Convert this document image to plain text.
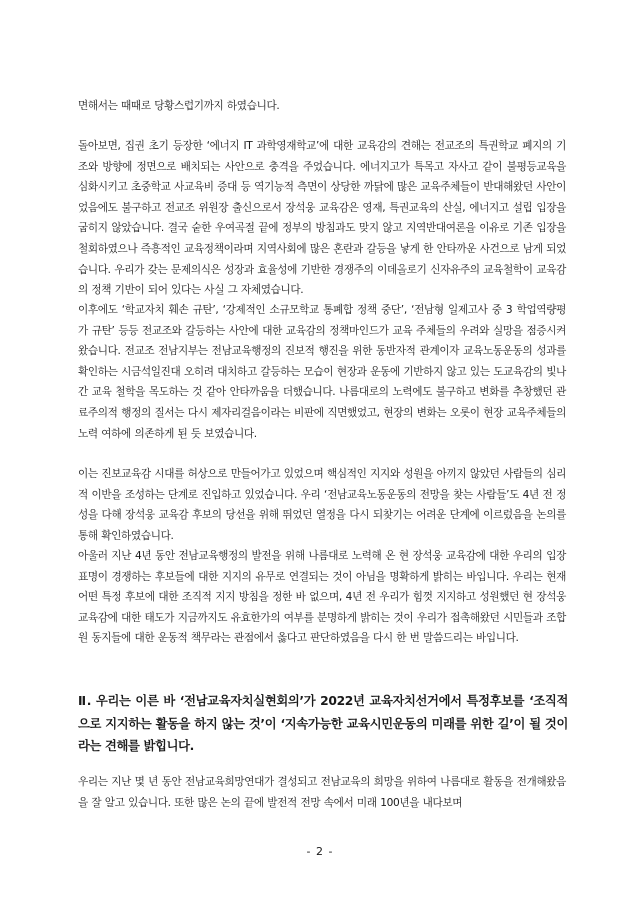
면해서는 때때로 당황스럽기까지 하였습니다.

돌아보면, 집권 초기 등장한 ‘에너지 IT 과학영재학교’에 대한 교육감의 견해는 전교조의 특권학교 폐지의 기조와 방향에 정면으로 배치되는 사안으로 충격을 주었습니다. 에너지고가 특목고 자사고 같이 불평등교육을 심화시키고 초중학교 사교육비 증대 등 역기능적 측면이 상당한 까닭에 많은 교육주체들이 반대해왔던 사안이었음에도 불구하고 전교조 위원장 출신으로서 장석웅 교육감은 영재, 특권교육의 산실, 에너지고 설립 입장을 굽히지 않았습니다. 결국 숱한 우여곡절 끝에 정부의 방침과도 맞지 않고 지역반대여론을 이유로 기존 입장을 철회하였으나 즉흥적인 교육정책이라며 지역사회에 많은 혼란과 갈등을 낳게 한 안타까운 사건으로 남게 되었습니다. 우리가 갖는 문제의식은 성장과 효율성에 기반한 경쟁주의 이데올로기 신자유주의 교육철학이 교육감의 정책 기반이 되어 있다는 사실 그 자체였습니다.

이후에도 ‘학교자치 훼손 규탄’, ‘강제적인 소규모학교 통폐합 정책 중단’, ‘전남형 일제고사 중 3 학업역량평가 규탄’ 등등 전교조와 갈등하는 사안에 대한 교육감의 정책마인드가 교육 주체들의 우려와 실망을 점증시켜왔습니다. 전교조 전남지부는 전남교육행정의 진보적 행진을 위한 동반자적 관계이자 교육노동운동의 성과를 확인하는 시금석일진대 오히려 대치하고 갈등하는 모습이 현장과 운동에 기반하지 않고 있는 도교육감의 빛나간 교육 철학을 목도하는 것 같아 안타까움을 더했습니다. 나름대로의 노력에도 불구하고 변화를 추창했던 관료주의적 행정의 질서는 다시 제자리걸음이라는 비판에 직면했었고, 현장의 변화는 오롯이 현장 교육주체들의 노력 여하에 의존하게 된 듯 보였습니다.

이는 진보교육감 시대를 허상으로 만들어가고 있었으며 핵심적인 지지와 성원을 아끼지 않았던 사람들의 심리적 이반을 조성하는 단계로 진입하고 있었습니다. 우리 ‘전남교육노동운동의 전망을 찾는 사람들’도 4년 전 정성을 다해 장석웅 교육감 후보의 당선을 위해 뛰었던 열정을 다시 되찾기는 어려운 단계에 이르렀음을 논의를 통해 확인하였습니다.

아울러 지난 4년 동안 전남교육행정의 발전을 위해 나름대로 노력해 온 현 장석웅 교육감에 대한 우리의 입장 표명이 경쟁하는 후보들에 대한 지지의 유무로 연결되는 것이 아님을 명확하게 밝히는 바입니다. 우리는 현재 어떤 특정 후보에 대한 조직적 지지 방침을 정한 바 없으며, 4년 전 우리가 힘껏 지지하고 성원했던 현 장석웅 교육감에 대한 태도가 지금까지도 유효한가의 여부를 분명하게 밝히는 것이 우리가 접촉해왔던 시민들과 조합원 동지들에 대한 운동적 책무라는 관점에서 옳다고 판단하였음을 다시 한 번 말씀드리는 바입니다.

Ⅱ. 우리는 이른 바 ‘전남교육자치실현회의’가 2022년 교육자치선거에서 특정후보를 ‘조직적으로 지지하는 활동을 하지 않는 것’이 ‘지속가능한 교육시민운동의 미래를 위한 길’이 될 것이라는 견해를 밝힙니다.

우리는 지난 몇 년 동안 전남교육희망연대가 결성되고 전남교육의 희망을 위하여 나름대로 활동을 전개해왔음을 잘 알고 있습니다. 또한 많은 논의 끝에 발전적 전망 속에서 미래 100년을 내다보며

- 2 -
